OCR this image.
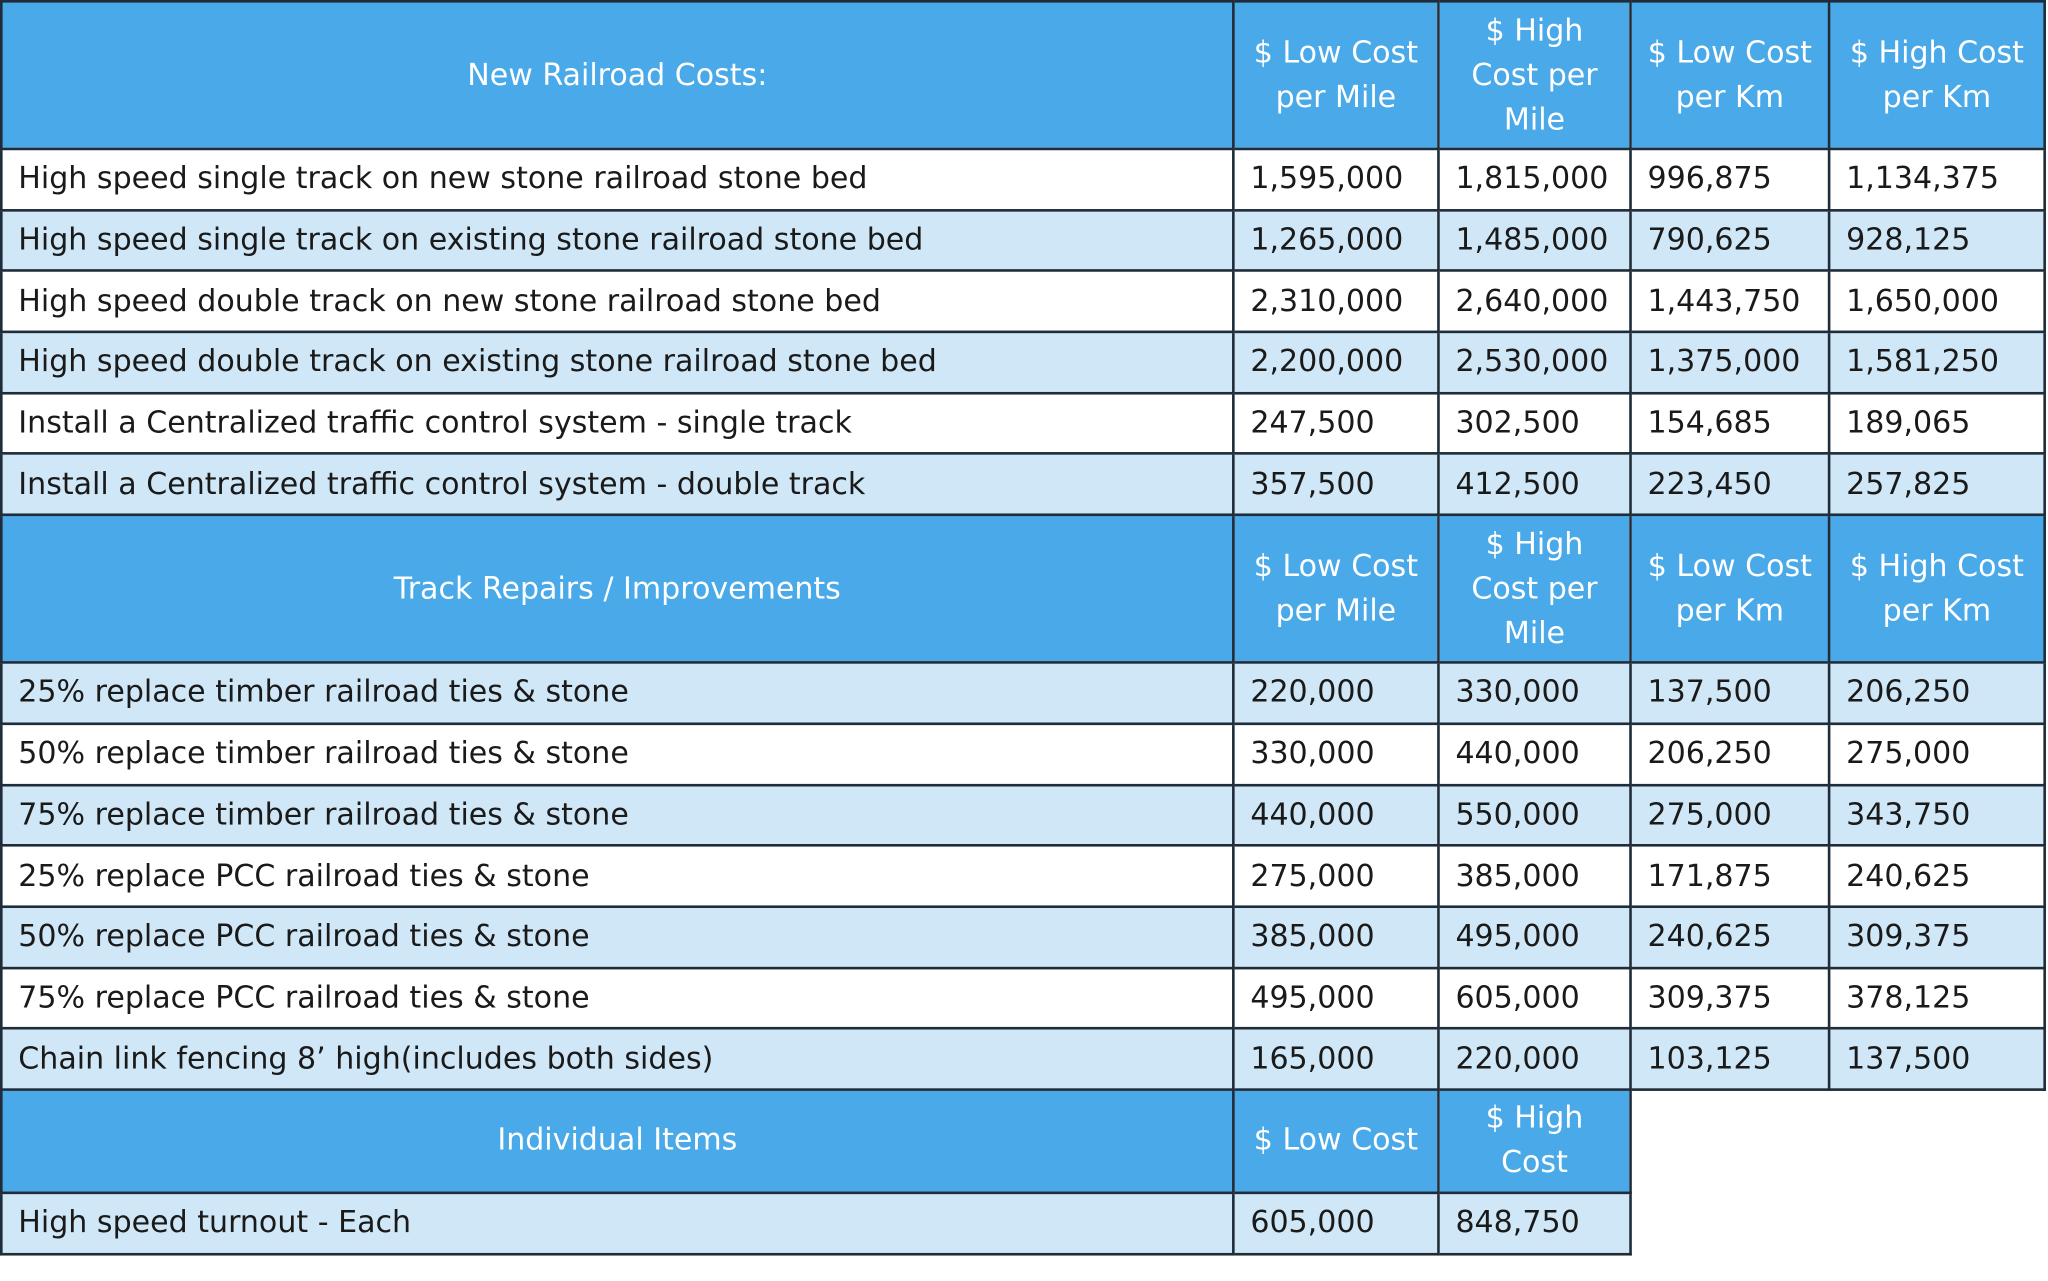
New Railroad Costs:	$ Low Cost per Mile	$ High Cost per Mile	$ Low Cost per Km	$ High Cost per Km
High speed single track on new stone railroad stone bed	1,595,000	1,815,000	996,875	1,134,375
High speed single track on existing stone railroad stone bed	1,265,000	1,485,000	790,625	928,125
High speed double track on new stone railroad stone bed	2,310,000	2,640,000	1,443,750	1,650,000
High speed double track on existing stone railroad stone bed	2,200,000	2,530,000	1,375,000	1,581,250
Install a Centralized traffic control system - single track	247,500	302,500	154,685	189,065
Install a Centralized traffic control system - double track	357,500	412,500	223,450	257,825
Track Repairs / Improvements	$ Low Cost per Mile	$ High Cost per Mile	$ Low Cost per Km	$ High Cost per Km
25% replace timber railroad ties & stone	220,000	330,000	137,500	206,250
50% replace timber railroad ties & stone	330,000	440,000	206,250	275,000
75% replace timber railroad ties & stone	440,000	550,000	275,000	343,750
25% replace PCC railroad ties & stone	275,000	385,000	171,875	240,625
50% replace PCC railroad ties & stone	385,000	495,000	240,625	309,375
75% replace PCC railroad ties & stone	495,000	605,000	309,375	378,125
Chain link fencing 8’ high(includes both sides)	165,000	220,000	103,125	137,500
Individual Items	$ Low Cost	$ High Cost		
High speed turnout - Each	605,000	848,750		
